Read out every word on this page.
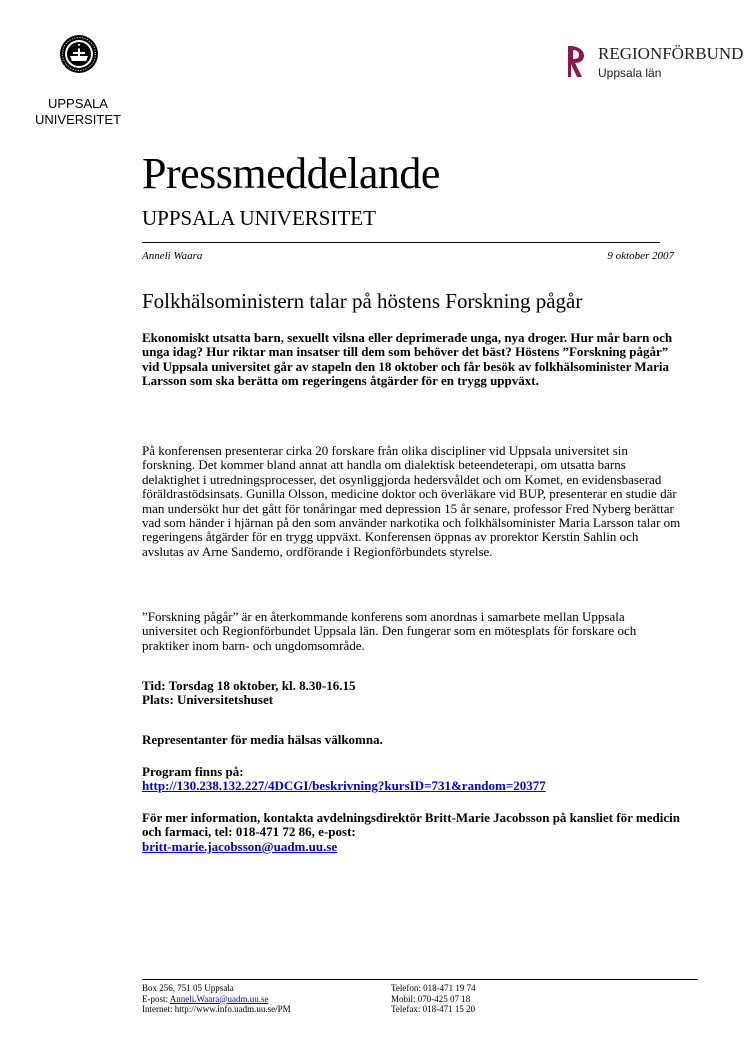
UPPSALA
UNIVERSITET
REGIONFÖRBUND
Uppsala län
Pressmeddelande
UPPSALA UNIVERSITET
Anneli Waara	9 oktober 2007
Folkhälsoministern talar på höstens Forskning pågår

Ekonomiskt utsatta barn, sexuellt vilsna eller deprimerade unga, nya droger. Hur mår barn och unga idag? Hur riktar man insatser till dem som behöver det bäst? Höstens ”Forskning pågår” vid Uppsala universitet går av stapeln den 18 oktober och får besök av folkhälsominister Maria Larsson som ska berätta om regeringens åtgärder för en trygg uppväxt.

På konferensen presenterar cirka 20 forskare från olika discipliner vid Uppsala universitet sin forskning. Det kommer bland annat att handla om dialektisk beteendeterapi, om utsatta barns delaktighet i utredningsprocesser, det osynliggjorda hedersvåldet och om Komet, en evidensbaserad föräldrastödsinsats. Gunilla Olsson, medicine doktor och överläkare vid BUP, presenterar en studie där man undersökt hur det gått för tonåringar med depression 15 år senare, professor Fred Nyberg berättar vad som händer i hjärnan på den som använder narkotika och folkhälsominister Maria Larsson talar om regeringens åtgärder för en trygg uppväxt. Konferensen öppnas av prorektor Kerstin Sahlin och avslutas av Arne Sandemo, ordförande i Regionförbundets styrelse.

”Forskning pågår” är en återkommande konferens som anordnas i samarbete mellan Uppsala universitet och Regionförbundet Uppsala län. Den fungerar som en mötesplats för forskare och praktiker inom barn- och ungdomsområde.

Tid: Torsdag 18 oktober, kl. 8.30-16.15
Plats: Universitetshuset

Representanter för media hälsas välkomna.

Program finns på:
http://130.238.132.227/4DCGI/beskrivning?kursID=731&random=20377

För mer information, kontakta avdelningsdirektör Britt-Marie Jacobsson på kansliet för medicin och farmaci, tel: 018-471 72 86, e-post:
britt-marie.jacobsson@uadm.uu.se

Box 256, 751 05 Uppsala
E-post: Anneli.Waara@uadm.uu.se
Internet: http://www.info.uadm.uu.se/PM

Telefon: 018-471 19 74
Mobil: 070-425 07 18
Telefax: 018-471 15 20
